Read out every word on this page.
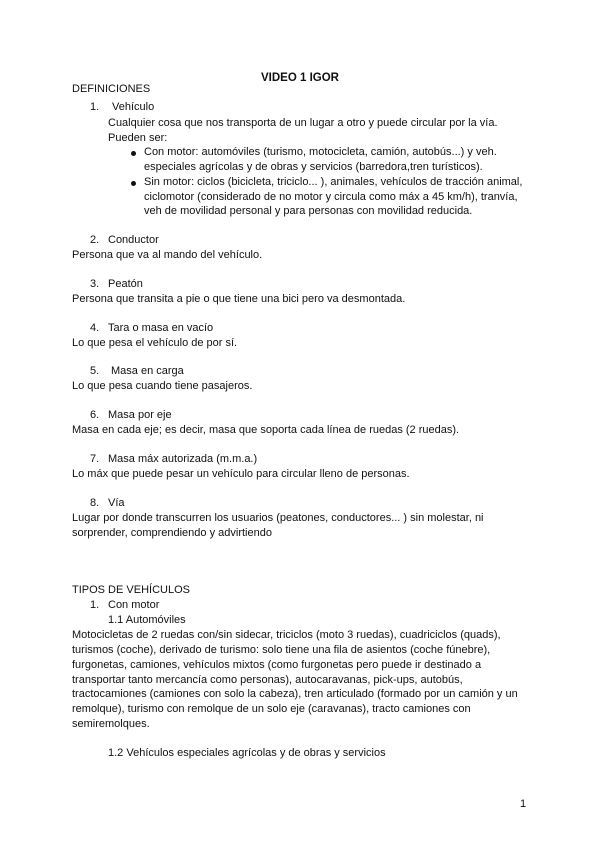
VIDEO 1 IGOR
DEFINICIONES
1. Vehículo
Cualquier cosa que nos transporta de un lugar a otro y puede circular por la vía.
Pueden ser:
Con motor: automóviles (turismo, motocicleta, camión, autobús...) y veh.
especiales agrícolas y de obras y servicios (barredora,tren turísticos).
Sin motor: ciclos (bicicleta, triciclo... ), animales, vehículos de tracción animal,
ciclomotor (considerado de no motor y circula como máx a 45 km/h), tranvía,
veh de movilidad personal y para personas con movilidad reducida.
2. Conductor
Persona que va al mando del vehículo.
3. Peatón
Persona que transita a pie o que tiene una bici pero va desmontada.
4. Tara o masa en vacío
Lo que pesa el vehículo de por sí.
5. Masa en carga
Lo que pesa cuando tiene pasajeros.
6. Masa por eje
Masa en cada eje; es decir, masa que soporta cada línea de ruedas (2 ruedas).
7. Masa máx autorizada (m.m.a.)
Lo máx que puede pesar un vehículo para circular lleno de personas.
8. Vía
Lugar por donde transcurren los usuarios (peatones, conductores... ) sin molestar, ni
sorprender, comprendiendo y advirtiendo
TIPOS DE VEHÍCULOS
1. Con motor
1.1 Automóviles
Motocicletas de 2 ruedas con/sin sidecar, triciclos (moto 3 ruedas), cuadriciclos (quads),
turismos (coche), derivado de turismo: solo tiene una fila de asientos (coche fúnebre),
furgonetas, camiones, vehículos mixtos (como furgonetas pero puede ir destinado a
transportar tanto mercancía como personas), autocaravanas, pick-ups, autobús,
tractocamiones (camiones con solo la cabeza), tren articulado (formado por un camión y un
remolque), turismo con remolque de un solo eje (caravanas), tracto camiones con
semiremolques.
1.2 Vehículos especiales agrícolas y de obras y servicios
1
